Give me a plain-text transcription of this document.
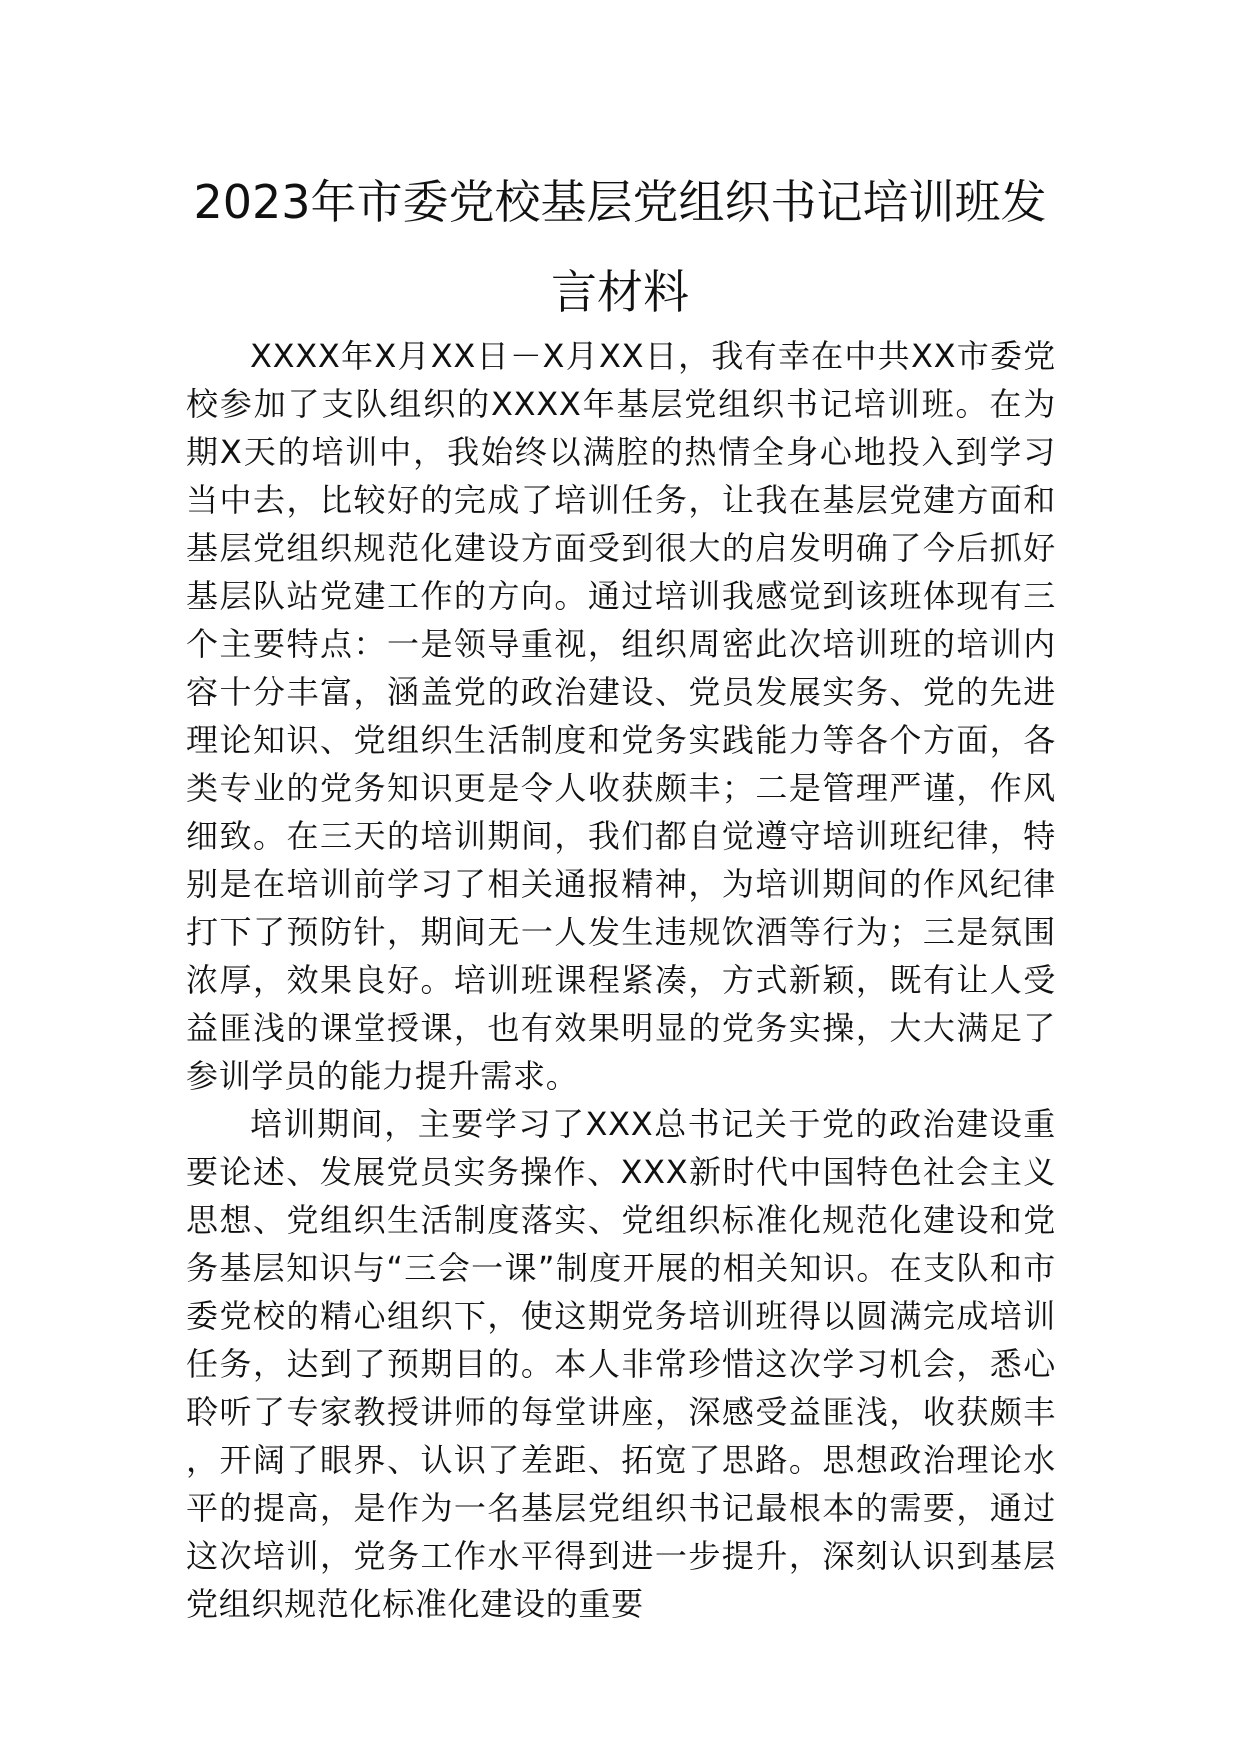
2023年市委党校基层党组织书记培训班发
言材料

XXXX年X月XX日－X月XX日，我有幸在中共XX市委党校参加了支队组织的XXXX年基层党组织书记培训班。在为期X天的培训中，我始终以满腔的热情全身心地投入到学习当中去，比较好的完成了培训任务，让我在基层党建方面和基层党组织规范化建设方面受到很大的启发明确了今后抓好基层队站党建工作的方向。通过培训我感觉到该班体现有三个主要特点：一是领导重视，组织周密此次培训班的培训内容十分丰富，涵盖党的政治建设、党员发展实务、党的先进理论知识、党组织生活制度和党务实践能力等各个方面，各类专业的党务知识更是令人收获颇丰；二是管理严谨，作风细致。在三天的培训期间，我们都自觉遵守培训班纪律，特别是在培训前学习了相关通报精神，为培训期间的作风纪律打下了预防针，期间无一人发生违规饮酒等行为；三是氛围浓厚，效果良好。培训班课程紧凑，方式新颖，既有让人受益匪浅的课堂授课，也有效果明显的党务实操，大大满足了参训学员的能力提升需求。

培训期间，主要学习了XXX总书记关于党的政治建设重要论述、发展党员实务操作、XXX新时代中国特色社会主义思想、党组织生活制度落实、党组织标准化规范化建设和党务基层知识与“三会一课”制度开展的相关知识。在支队和市委党校的精心组织下，使这期党务培训班得以圆满完成培训任务，达到了预期目的。本人非常珍惜这次学习机会，悉心聆听了专家教授讲师的每堂讲座，深感受益匪浅，收获颇丰，开阔了眼界、认识了差距、拓宽了思路。思想政治理论水平的提高，是作为一名基层党组织书记最根本的需要，通过这次培训，党务工作水平得到进一步提升，深刻认识到基层党组织规范化标准化建设的重要
